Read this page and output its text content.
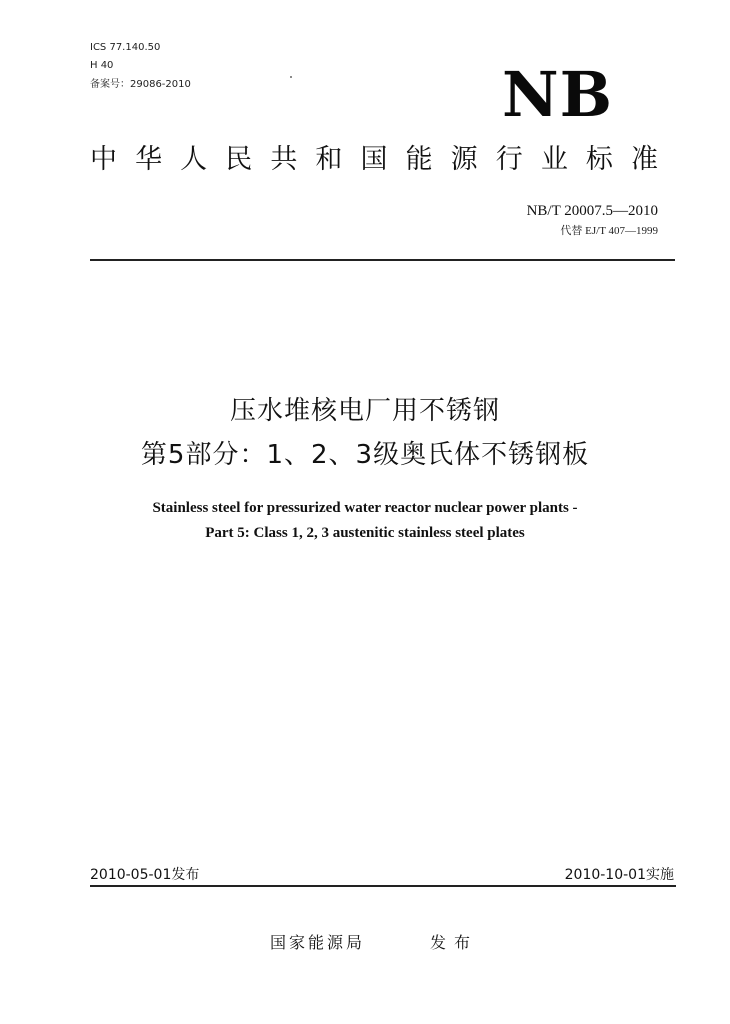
ICS 77.140.50
H 40
备案号：29086-2010	NB
中华人民共和国能源行业标准
NB/T 20007.5—2010
代替 EJ/T 407—1999
压水堆核电厂用不锈钢
第5部分：1、2、3级奥氏体不锈钢板
Stainless steel for pressurized water reactor nuclear power plants -
Part 5: Class 1, 2, 3 austenitic stainless steel plates
2010-05-01发布	2010-10-01实施
国家能源局	发布
